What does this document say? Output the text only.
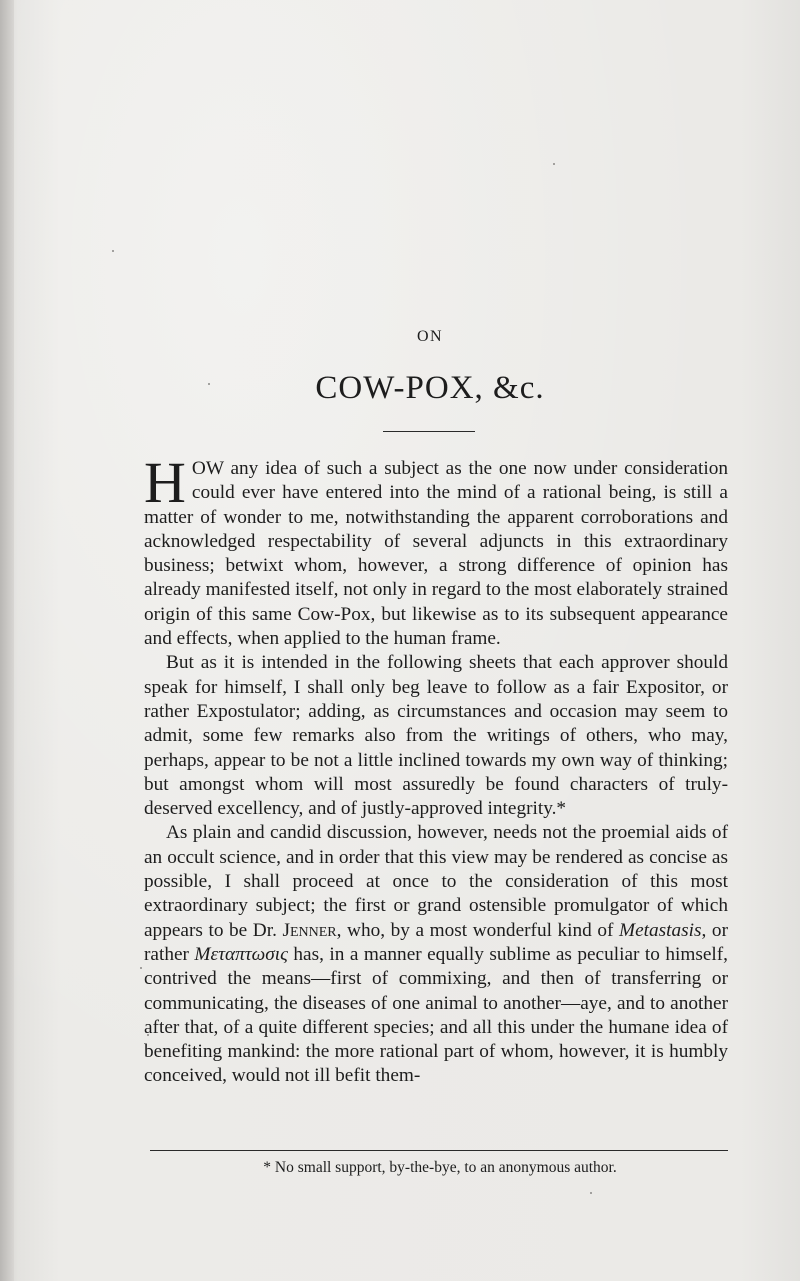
ON
COW-POX, &c.

HOW any idea of such a subject as the one now under consideration could ever have entered into the mind of a rational being, is still a matter of wonder to me, notwithstanding the apparent corroborations and acknowledged respectability of several adjuncts in this extraordinary business; betwixt whom, however, a strong difference of opinion has already manifested itself, not only in regard to the most elaborately strained origin of this same Cow-Pox, but likewise as to its subsequent appearance and effects, when applied to the human frame.

But as it is intended in the following sheets that each approver should speak for himself, I shall only beg leave to follow as a fair Expositor, or rather Expostulator; adding, as circumstances and occasion may seem to admit, some few remarks also from the writings of others, who may, perhaps, appear to be not a little inclined towards my own way of thinking; but amongst whom will most assuredly be found characters of truly-deserved excellency, and of justly-approved integrity.*

As plain and candid discussion, however, needs not the proemial aids of an occult science, and in order that this view may be rendered as concise as possible, I shall proceed at once to the consideration of this most extraordinary subject; the first or grand ostensible promulgator of which appears to be Dr. Jenner, who, by a most wonderful kind of Metastasis, or rather Μεταπτωσις has, in a manner equally sublime as peculiar to himself, contrived the means—first of commixing, and then of transferring or communicating, the diseases of one animal to another—aye, and to another after that, of a quite different species; and all this under the humane idea of benefiting mankind: the more rational part of whom, however, it is humbly conceived, would not ill befit them-

* No small support, by-the-bye, to an anonymous author.
